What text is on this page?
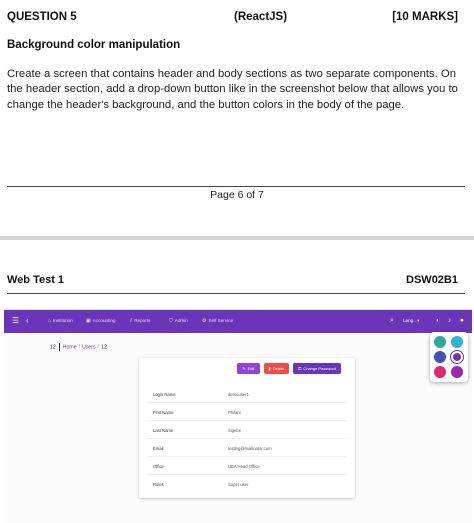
QUESTION 5	(ReactJS)	[10 MARKS]
Background color manipulation
Create a screen that contains header and body sections as two separate components. On the header section, add a drop-down button like in the screenshot below that allows you to change the header's background, and the button colors in the body of the page.
Page 6 of 7
Web Test 1	DSW02B1
☰ ‹	⌂ Institution	▣ Accounting	⫽ Reports	⛉ Admin	⚙ Self Service	⌕ Lang.. ▾	◐ ♪ ●
12 Home / Users / 12
✎ Edit	▮ Delete	⚿ Change Password
Login Name	demouser1
First Name	Philani
Last Name	Sigebe
Email	testing@mailinator.com
Office	UBA Head Office
Roles	Super user
